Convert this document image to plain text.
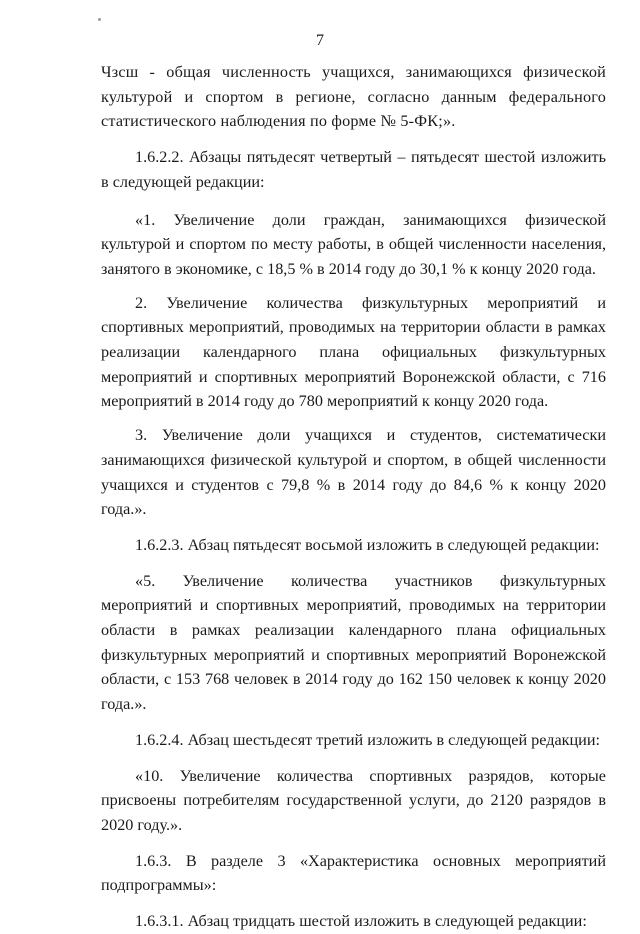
7

Чзсш - общая численность учащихся, занимающихся физической культурой и спортом в регионе, согласно данным федерального статистического наблюдения по форме № 5-ФК;».

1.6.2.2. Абзацы пятьдесят четвертый – пятьдесят шестой изложить в следующей редакции:

«1. Увеличение доли граждан, занимающихся физической культурой и спортом по месту работы, в общей численности населения, занятого в экономике, с 18,5 % в 2014 году до 30,1 % к концу 2020 года.

2. Увеличение количества физкультурных мероприятий и спортивных мероприятий, проводимых на территории области в рамках реализации календарного плана официальных физкультурных мероприятий и спортивных мероприятий Воронежской области, с 716 мероприятий в 2014 году до 780 мероприятий к концу 2020 года.

3. Увеличение доли учащихся и студентов, систематически занимающихся физической культурой и спортом, в общей численности учащихся и студентов с 79,8 % в 2014 году до 84,6 % к концу 2020 года.».

1.6.2.3. Абзац пятьдесят восьмой изложить в следующей редакции:

«5. Увеличение количества участников физкультурных мероприятий и спортивных мероприятий, проводимых на территории области в рамках реализации календарного плана официальных физкультурных мероприятий и спортивных мероприятий Воронежской области, с 153 768 человек в 2014 году до 162 150 человек к концу 2020 года.».

1.6.2.4. Абзац шестьдесят третий изложить в следующей редакции:

«10. Увеличение количества спортивных разрядов, которые присвоены потребителям государственной услуги, до 2120 разрядов в 2020 году.».

1.6.3. В разделе 3 «Характеристика основных мероприятий подпрограммы»:

1.6.3.1. Абзац тридцать шестой изложить в следующей редакции:
